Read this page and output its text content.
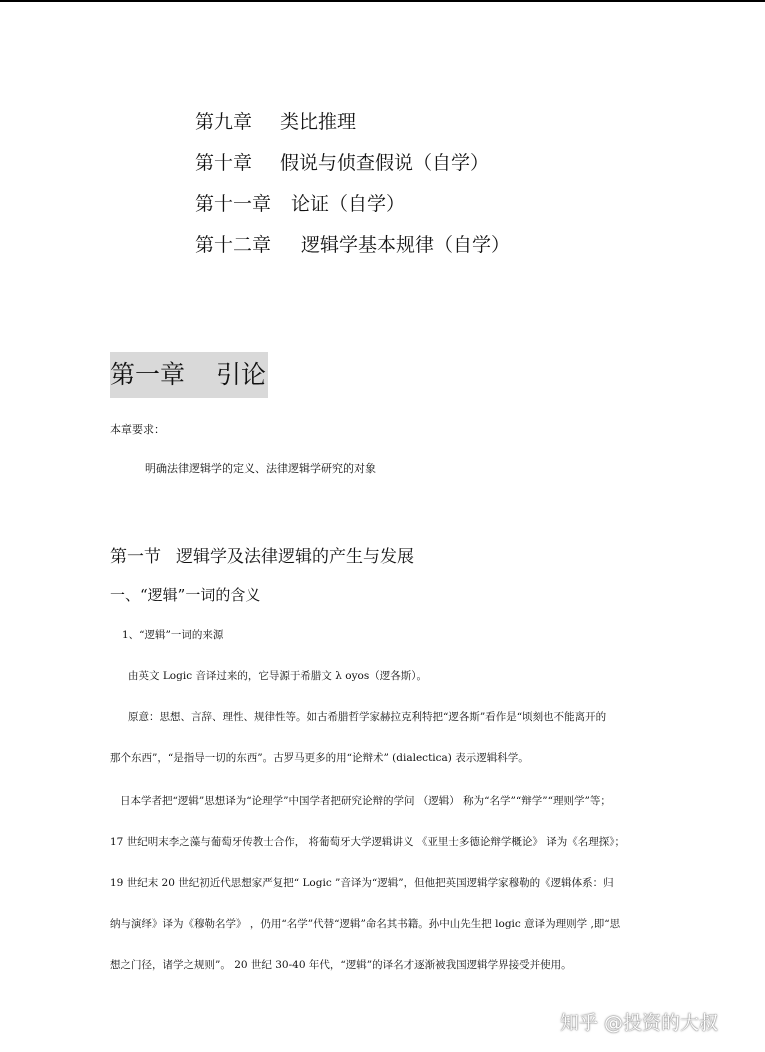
第九章 类比推理
第十章 假说与侦查假说（自学）
第十一章 论证（自学）
第十二章 逻辑学基本规律（自学）
第一章 引论
本章要求：
明确法律逻辑学的定义、法律逻辑学研究的对象
第一节 逻辑学及法律逻辑的产生与发展
一、“逻辑”一词的含义
1、“逻辑”一词的来源
由英文 Logic 音译过来的，它导源于希腊文 λ oyos（逻各斯）。
原意：思想、言辞、理性、规律性等。如古希腊哲学家赫拉克利特把“逻各斯”看作是“顷刻也不能离开的
那个东西”，“是指导一切的东西”。古罗马更多的用“论辩术” (dialectica) 表示逻辑科学。
日本学者把“逻辑”思想译为“论理学”中国学者把研究论辩的学问 （逻辑） 称为“名学”“辩学”“理则学”等；
17 世纪明末李之藻与葡萄牙传教士合作， 将葡萄牙大学逻辑讲义 《亚里士多德论辩学概论》 译为《名理探》；
19 世纪末 20 世纪初近代思想家严复把“ Logic ”音译为“逻辑”，但他把英国逻辑学家穆勒的《逻辑体系：归
纳与演绎》译为《穆勒名学》 ，仍用“名学”代替“逻辑”命名其书籍。孙中山先生把 logic 意译为理则学 ,即“思
想之门径，诸学之规则”。 20 世纪 30-40 年代，“逻辑”的译名才逐渐被我国逻辑学界接受并使用。
知乎 @投资的大叔
